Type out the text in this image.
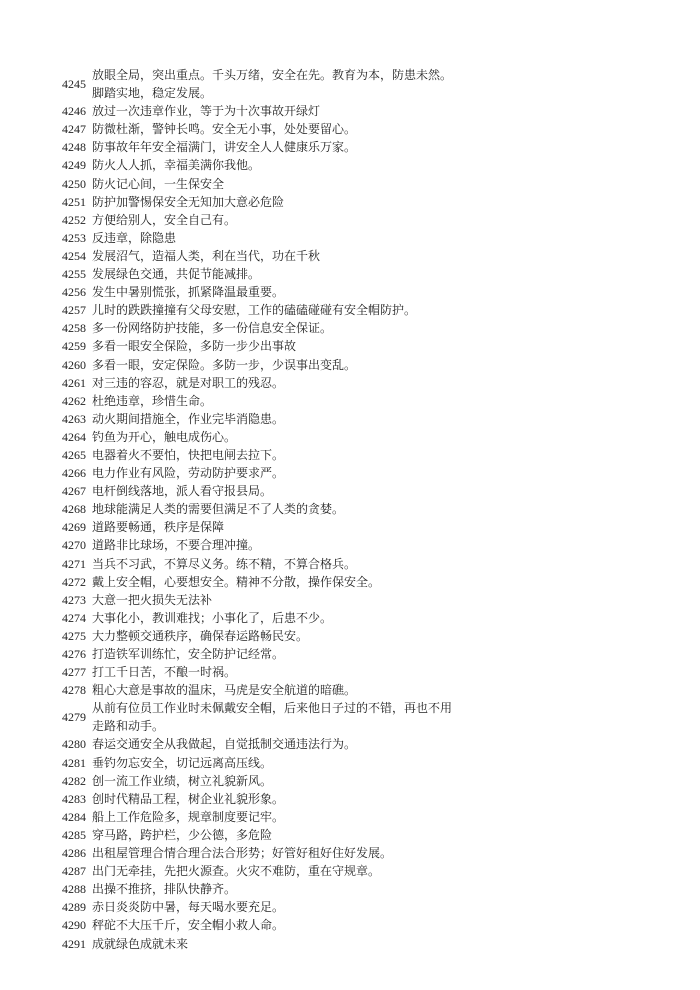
4245
放眼全局，突出重点。千头万绪，安全在先。教育为本，防患未然。
脚踏实地，稳定发展。
4246 放过一次违章作业，等于为十次事故开绿灯
4247 防微杜渐，警钟长鸣。安全无小事，处处要留心。
4248 防事故年年安全福满门，讲安全人人健康乐万家。
4249 防火人人抓，幸福美满你我他。
4250 防火记心间，一生保安全
4251 防护加警惕保安全无知加大意必危险
4252 方便给别人，安全自己有。
4253 反违章，除隐患
4254 发展沼气，造福人类，利在当代，功在千秋
4255 发展绿色交通，共促节能减排。
4256 发生中暑别慌张，抓紧降温最重要。
4257 儿时的跌跌撞撞有父母安慰，工作的磕磕碰碰有安全帽防护。
4258 多一份网络防护技能，多一份信息安全保证。
4259 多看一眼安全保险，多防一步少出事故
4260 多看一眼，安定保险。多防一步，少误事出变乱。
4261 对三违的容忍，就是对职工的残忍。
4262 杜绝违章，珍惜生命。
4263 动火期间措施全，作业完毕消隐患。
4264 钓鱼为开心，触电成伤心。
4265 电器着火不要怕，快把电闸去拉下。
4266 电力作业有风险，劳动防护要求严。
4267 电杆倒线落地，派人看守报县局。
4268 地球能满足人类的需要但满足不了人类的贪婪。
4269 道路要畅通，秩序是保障
4270 道路非比球场，不要合理冲撞。
4271 当兵不习武，不算尽义务。练不精，不算合格兵。
4272 戴上安全帽，心要想安全。精神不分散，操作保安全。
4273 大意一把火损失无法补
4274 大事化小，教训难找；小事化了，后患不少。
4275 大力整顿交通秩序，确保春运路畅民安。
4276 打造铁军训练忙，安全防护记经常。
4277 打工千日苦，不酿一时祸。
4278 粗心大意是事故的温床，马虎是安全航道的暗礁。
4279
从前有位员工作业时未佩戴安全帽，后来他日子过的不错，再也不用
走路和动手。
4280 春运交通安全从我做起，自觉抵制交通违法行为。
4281 垂钓勿忘安全，切记远离高压线。
4282 创一流工作业绩，树立礼貌新风。
4283 创时代精品工程，树企业礼貌形象。
4284 船上工作危险多，规章制度要记牢。
4285 穿马路，跨护栏，少公德，多危险
4286 出租屋管理合情合理合法合形势；好管好租好住好发展。
4287 出门无牵挂，先把火源查。火灾不难防，重在守规章。
4288 出操不推挤，排队快静齐。
4289 赤日炎炎防中暑，每天喝水要充足。
4290 秤砣不大压千斤，安全帽小救人命。
4291 成就绿色成就未来
